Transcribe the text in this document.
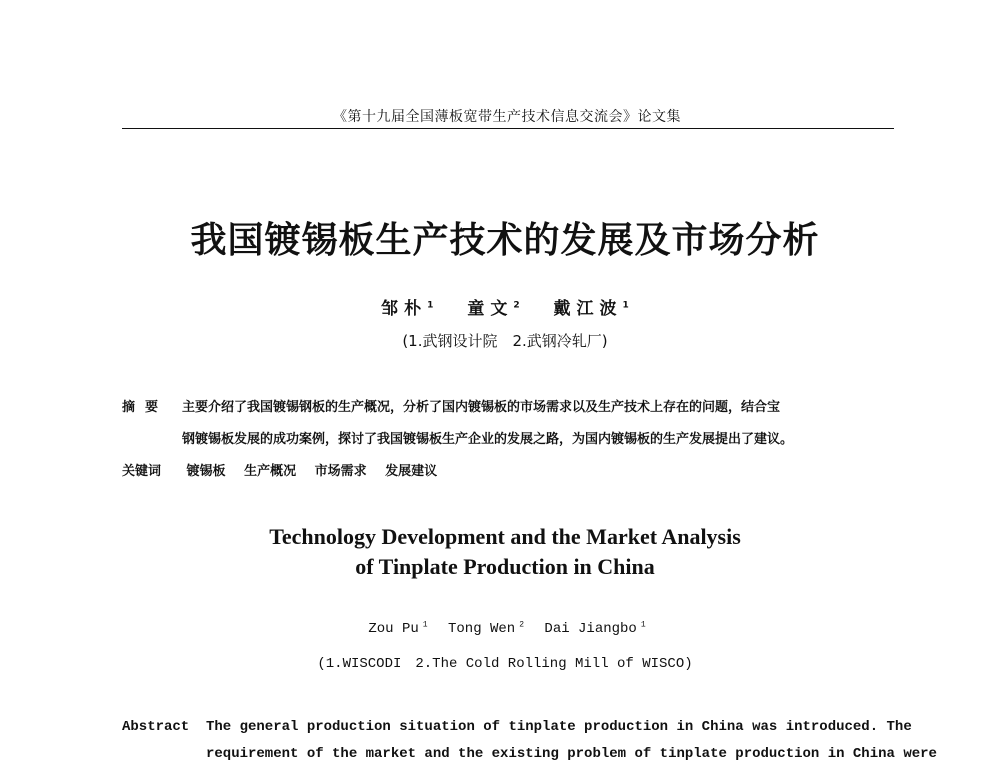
《第十九届全国薄板宽带生产技术信息交流会》论文集
我国镀锡板生产技术的发展及市场分析
邹朴$^1$ 童文$^2$ 戴江波$^1$
(1.武钢设计院　2.武钢冷轧厂)
摘要 主要介绍了我国镀锡钢板的生产概况，分析了国内镀锡板的市场需求以及生产技术上存在的问题，结合宝
钢镀锡板发展的成功案例，探讨了我国镀锡板生产企业的发展之路，为国内镀锡板的生产发展提出了建议。
关键词 镀锡板 生产概况 市场需求 发展建议
Technology Development and the Market Analysis
of Tinplate Production in China
Zou Pu $^1$ Tong Wen $^2$ Dai Jiangbo $^1$
(1.WISCODI　2.The Cold Rolling Mill of WISCO)
Abstract The general production situation of tinplate production in China was introduced. The
requirement of the market and the existing problem of tinplate production in China were
